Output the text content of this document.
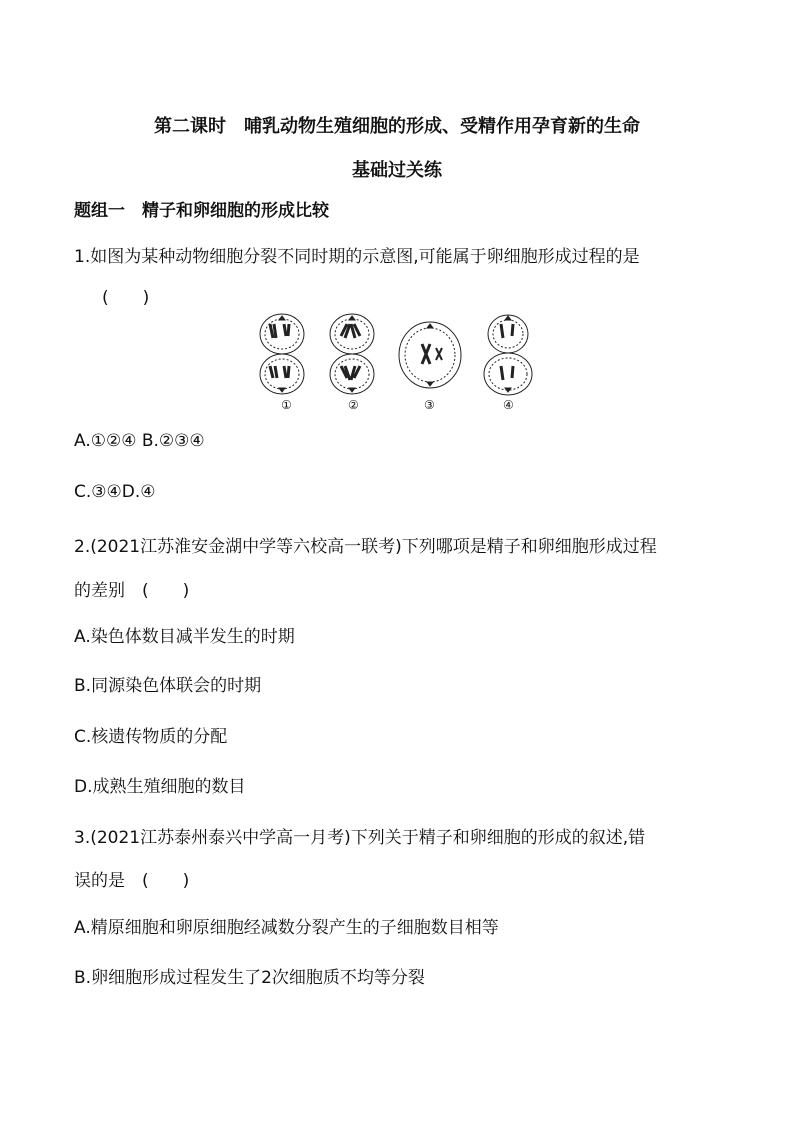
第二课时　哺乳动物生殖细胞的形成、受精作用孕育新的生命
基础过关练
题组一　精子和卵细胞的形成比较
1.如图为某种动物细胞分裂不同时期的示意图,可能属于卵细胞形成过程的是
(　　)
①	②	③	④
A.①②④ B.②③④
C.③④D.④
2.(2021江苏淮安金湖中学等六校高一联考)下列哪项是精子和卵细胞形成过程
的差别　(　　)
A.染色体数目减半发生的时期
B.同源染色体联会的时期
C.核遗传物质的分配
D.成熟生殖细胞的数目
3.(2021江苏泰州泰兴中学高一月考)下列关于精子和卵细胞的形成的叙述,错
误的是　(　　)
A.精原细胞和卵原细胞经减数分裂产生的子细胞数目相等
B.卵细胞形成过程发生了2次细胞质不均等分裂
